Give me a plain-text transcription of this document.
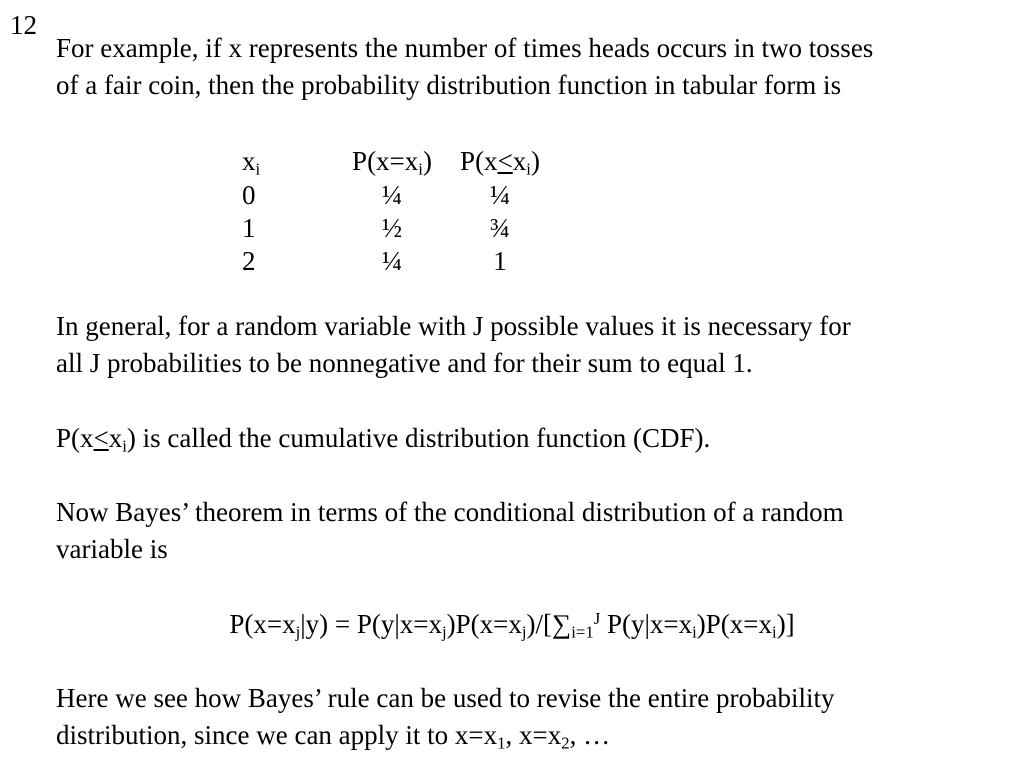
12
For example, if x represents the number of times heads occurs in two tosses
of a fair coin, then the probability distribution function in tabular form is
$x_i$	$P(x=x_i)$	$P(x<x_i)$
0	¼	¼
1	½	¾
2	¼	1
In general, for a random variable with J possible values it is necessary for
all J probabilities to be nonnegative and for their sum to equal 1.
$P(x<x_i)$ is called the cumulative distribution function (CDF).
Now Bayes’ theorem in terms of the conditional distribution of a random
variable is
$P(x=x_j|y) = P(y|x=x_j)P(x=x_j)/[\sum_{i=1}^J$ $P(y|x=x_i)P(x=x_i)$]
Here we see how Bayes’ rule can be used to revise the entire probability
distribution, since we can apply it to $x=x_1$, $x=x_2$, …
